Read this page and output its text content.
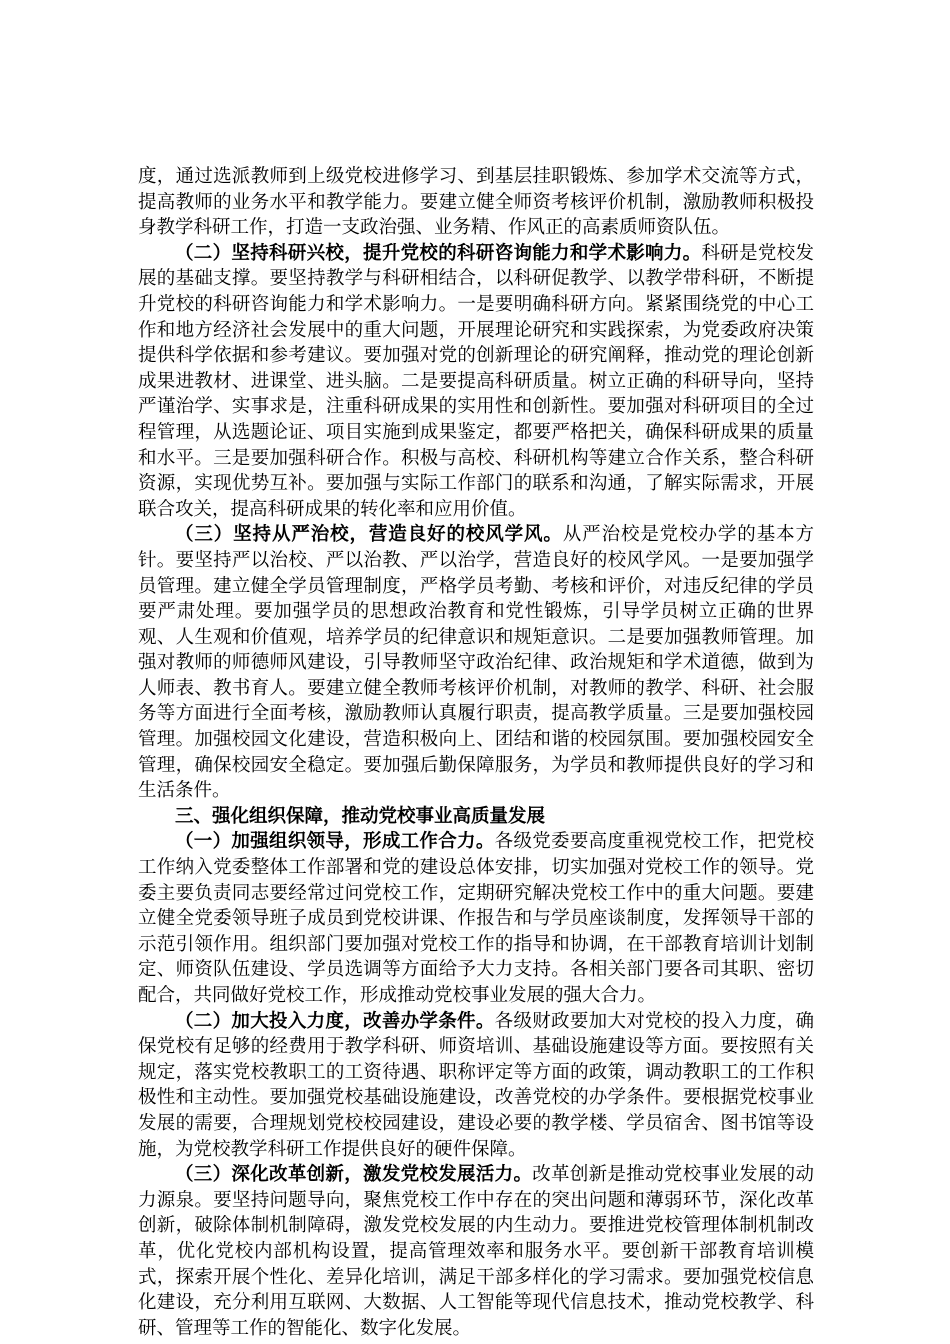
度，通过选派教师到上级党校进修学习、到基层挂职锻炼、参加学术交流等方式，提高教师的业务水平和教学能力。要建立健全师资考核评价机制，激励教师积极投身教学科研工作，打造一支政治强、业务精、作风正的高素质师资队伍。

（二）坚持科研兴校，提升党校的科研咨询能力和学术影响力。科研是党校发展的基础支撑。要坚持教学与科研相结合，以科研促教学、以教学带科研，不断提升党校的科研咨询能力和学术影响力。一是要明确科研方向。紧紧围绕党的中心工作和地方经济社会发展中的重大问题，开展理论研究和实践探索，为党委政府决策提供科学依据和参考建议。要加强对党的创新理论的研究阐释，推动党的理论创新成果进教材、进课堂、进头脑。二是要提高科研质量。树立正确的科研导向，坚持严谨治学、实事求是，注重科研成果的实用性和创新性。要加强对科研项目的全过程管理，从选题论证、项目实施到成果鉴定，都要严格把关，确保科研成果的质量和水平。三是要加强科研合作。积极与高校、科研机构等建立合作关系，整合科研资源，实现优势互补。要加强与实际工作部门的联系和沟通，了解实际需求，开展联合攻关，提高科研成果的转化率和应用价值。

（三）坚持从严治校，营造良好的校风学风。从严治校是党校办学的基本方针。要坚持严以治校、严以治教、严以治学，营造良好的校风学风。一是要加强学员管理。建立健全学员管理制度，严格学员考勤、考核和评价，对违反纪律的学员要严肃处理。要加强学员的思想政治教育和党性锻炼，引导学员树立正确的世界观、人生观和价值观，培养学员的纪律意识和规矩意识。二是要加强教师管理。加强对教师的师德师风建设，引导教师坚守政治纪律、政治规矩和学术道德，做到为人师表、教书育人。要建立健全教师考核评价机制，对教师的教学、科研、社会服务等方面进行全面考核，激励教师认真履行职责，提高教学质量。三是要加强校园管理。加强校园文化建设，营造积极向上、团结和谐的校园氛围。要加强校园安全管理，确保校园安全稳定。要加强后勤保障服务，为学员和教师提供良好的学习和生活条件。

三、强化组织保障，推动党校事业高质量发展

（一）加强组织领导，形成工作合力。各级党委要高度重视党校工作，把党校工作纳入党委整体工作部署和党的建设总体安排，切实加强对党校工作的领导。党委主要负责同志要经常过问党校工作，定期研究解决党校工作中的重大问题。要建立健全党委领导班子成员到党校讲课、作报告和与学员座谈制度，发挥领导干部的示范引领作用。组织部门要加强对党校工作的指导和协调，在干部教育培训计划制定、师资队伍建设、学员选调等方面给予大力支持。各相关部门要各司其职、密切配合，共同做好党校工作，形成推动党校事业发展的强大合力。

（二）加大投入力度，改善办学条件。各级财政要加大对党校的投入力度，确保党校有足够的经费用于教学科研、师资培训、基础设施建设等方面。要按照有关规定，落实党校教职工的工资待遇、职称评定等方面的政策，调动教职工的工作积极性和主动性。要加强党校基础设施建设，改善党校的办学条件。要根据党校事业发展的需要，合理规划党校校园建设，建设必要的教学楼、学员宿舍、图书馆等设施，为党校教学科研工作提供良好的硬件保障。

（三）深化改革创新，激发党校发展活力。改革创新是推动党校事业发展的动力源泉。要坚持问题导向，聚焦党校工作中存在的突出问题和薄弱环节，深化改革创新，破除体制机制障碍，激发党校发展的内生动力。要推进党校管理体制机制改革，优化党校内部机构设置，提高管理效率和服务水平。要创新干部教育培训模式，探索开展个性化、差异化培训，满足干部多样化的学习需求。要加强党校信息化建设，充分利用互联网、大数据、人工智能等现代信息技术，推动党校教学、科研、管理等工作的智能化、数字化发展。
